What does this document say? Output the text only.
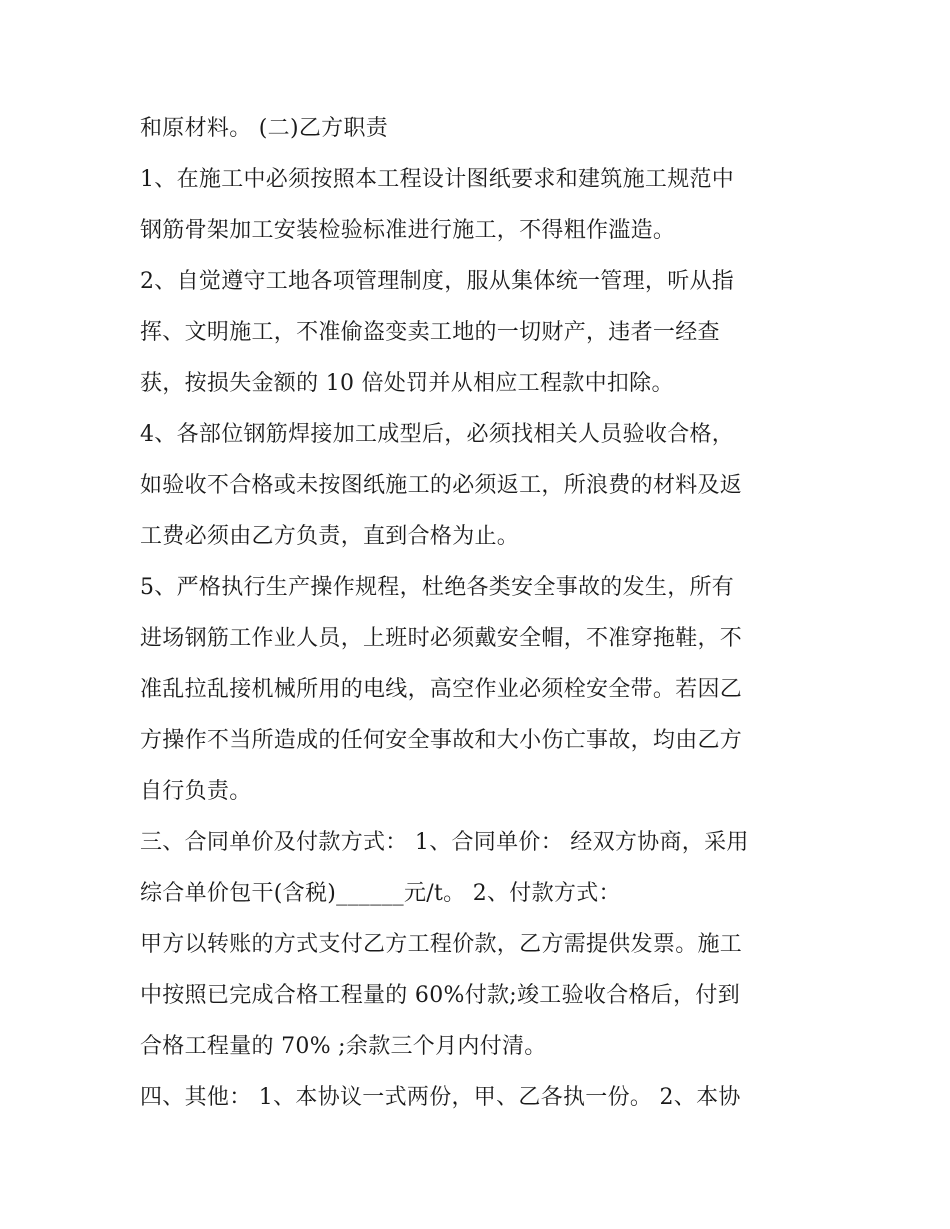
和原材料。 (二)乙方职责

1、在施工中必须按照本工程设计图纸要求和建筑施工规范中

钢筋骨架加工安装检验标准进行施工，不得粗作滥造。

2、自觉遵守工地各项管理制度，服从集体统一管理，听从指

挥、文明施工，不准偷盗变卖工地的一切财产，违者一经查

获，按损失金额的 10 倍处罚并从相应工程款中扣除。

4、各部位钢筋焊接加工成型后，必须找相关人员验收合格，

如验收不合格或未按图纸施工的必须返工，所浪费的材料及返

工费必须由乙方负责，直到合格为止。

5、严格执行生产操作规程，杜绝各类安全事故的发生，所有

进场钢筋工作业人员，上班时必须戴安全帽，不准穿拖鞋，不

准乱拉乱接机械所用的电线，高空作业必须栓安全带。若因乙

方操作不当所造成的任何安全事故和大小伤亡事故，均由乙方

自行负责。

三、合同单价及付款方式： 1、合同单价： 经双方协商，采用

综合单价包干(含税)______元/t。 2、付款方式：

甲方以转账的方式支付乙方工程价款，乙方需提供发票。施工

中按照已完成合格工程量的 60%付款;竣工验收合格后，付到

合格工程量的 70% ;余款三个月内付清。

四、其他： 1、本协议一式两份，甲、乙各执一份。 2、本协
